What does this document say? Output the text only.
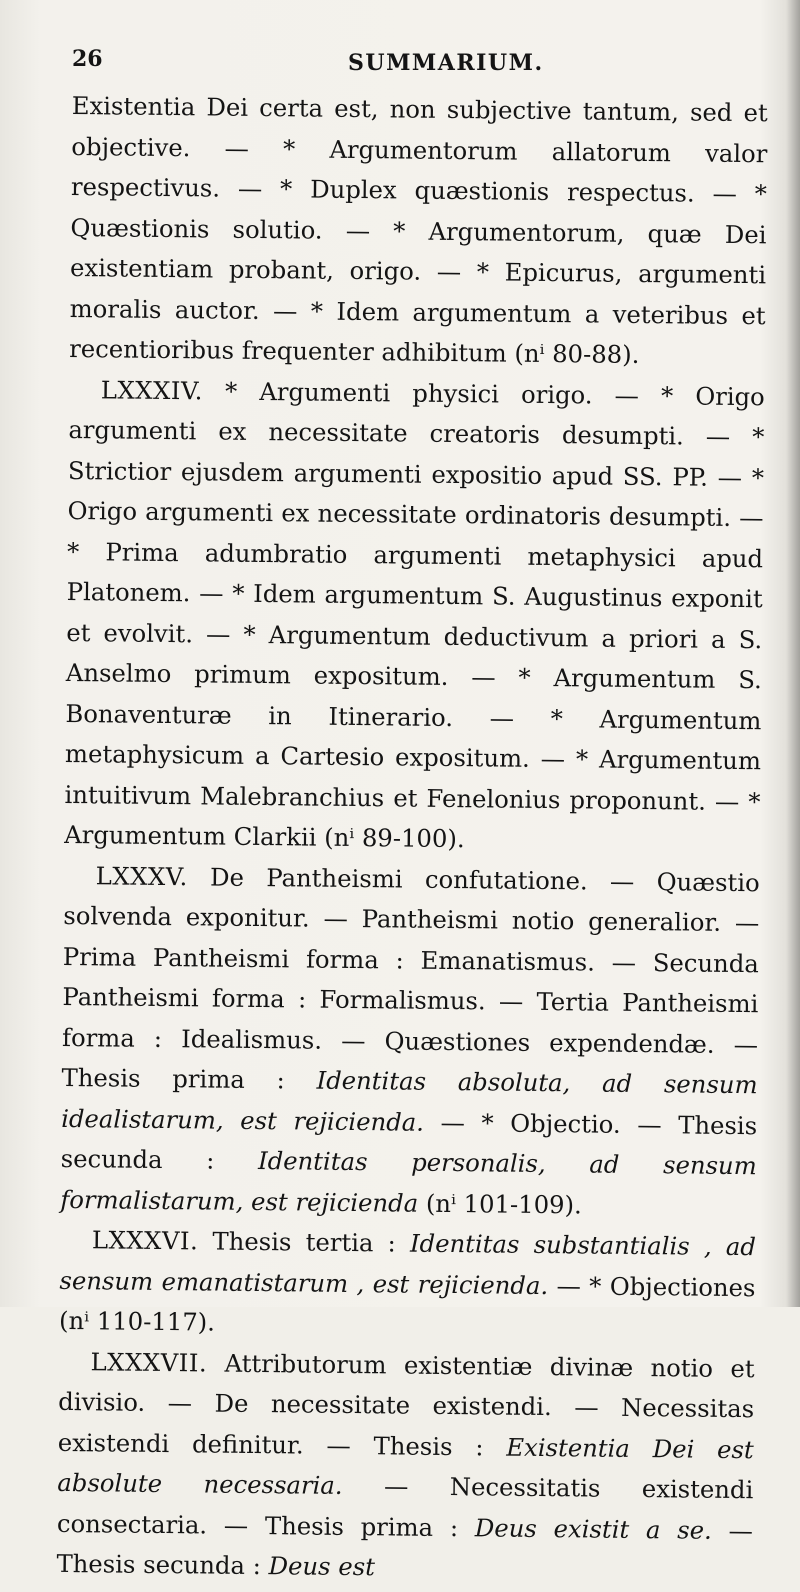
26	SUMMARIUM.

Existentia Dei certa est, non subjective tantum, sed et objective. — * Argumentorum allatorum valor respectivus. — * Duplex quæstionis respectus. — * Quæstionis solutio. — * Argumentorum, quæ Dei existentiam probant, origo. — * Epicurus, argumenti moralis auctor. — * Idem argumentum a veteribus et recentioribus frequenter adhibitum (nⁱ 80-88).

LXXXIV. * Argumenti physici origo. — * Origo argumenti ex necessitate creatoris desumpti. — * Strictior ejusdem argumenti expositio apud SS. PP. — * Origo argumenti ex necessitate ordinatoris desumpti. — * Prima adumbratio argumenti metaphysici apud Platonem. — * Idem argumentum S. Augustinus exponit et evolvit. — * Argumentum deductivum a priori a S. Anselmo primum expositum. — * Argumentum S. Bonaventuræ in Itinerario. — * Argumentum metaphysicum a Cartesio expositum. — * Argumentum intuitivum Malebranchius et Fenelonius proponunt. — * Argumentum Clarkii (nⁱ 89-100).

LXXXV. De Pantheismi confutatione. — Quæstio solvenda exponitur. — Pantheismi notio generalior. — Prima Pantheismi forma : Emanatismus. — Secunda Pantheismi forma : Formalismus. — Tertia Pantheismi forma : Idealismus. — Quæstiones expendendæ. — Thesis prima : Identitas absoluta, ad sensum idealistarum, est rejicienda. — * Objectio. — Thesis secunda : Identitas personalis, ad sensum formalistarum, est rejicienda (nⁱ 101-109).

LXXXVI. Thesis tertia : Identitas substantialis , ad sensum emanatistarum , est rejicienda. — * Objectiones (nⁱ 110-117).

LXXXVII. Attributorum existentiæ divinæ notio et divisio. — De necessitate existendi. — Necessitas existendi definitur. — Thesis : Existentia Dei est absolute necessaria. — Necessitatis existendi consectaria. — Thesis prima : Deus existit a se. — Thesis secunda : Deus est
